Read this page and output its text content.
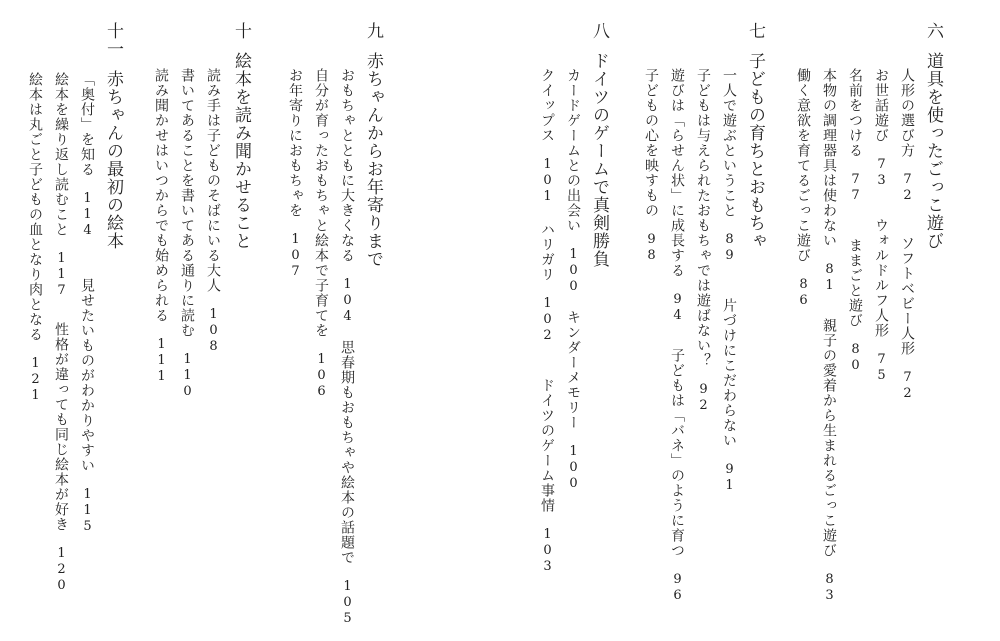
六
道具を使ったごっこ遊び
人形の選び方72
ソフトベビー人形72
お世話遊び73
ウォルドルフ人形75
名前をつける77
ままごと遊び80
本物の調理器具は使わない81
親子の愛着から生まれるごっこ遊び83
働く意欲を育てるごっこ遊び86
七
子どもの育ちとおもちゃ
一人で遊ぶということ89
片づけにこだわらない91
子どもは与えられたおもちゃでは遊ばない？92
遊びは「らせん状」に成長する94
子どもは「バネ」のように育つ96
子どもの心を映すもの98
八
ドイツのゲームで真剣勝負
カードゲームとの出会い100
キンダーメモリー100
クイップス101
ハリガリ102
ドイツのゲーム事情103
九
赤ちゃんからお年寄りまで
おもちゃとともに大きくなる104
思春期もおもちゃや絵本の話題で105
自分が育ったおもちゃと絵本で子育てを106
お年寄りにおもちゃを107
十
絵本を読み聞かせること
読み手は子どものそばにいる大人108
書いてあることを書いてある通りに読む110
読み聞かせはいつからでも始められる111
十一
赤ちゃんの最初の絵本
「奥付」を知る114
見せたいものがわかりやすい115
絵本を繰り返し読むこと117
性格が違っても同じ絵本が好き120
絵本は丸ごと子どもの血となり肉となる121
